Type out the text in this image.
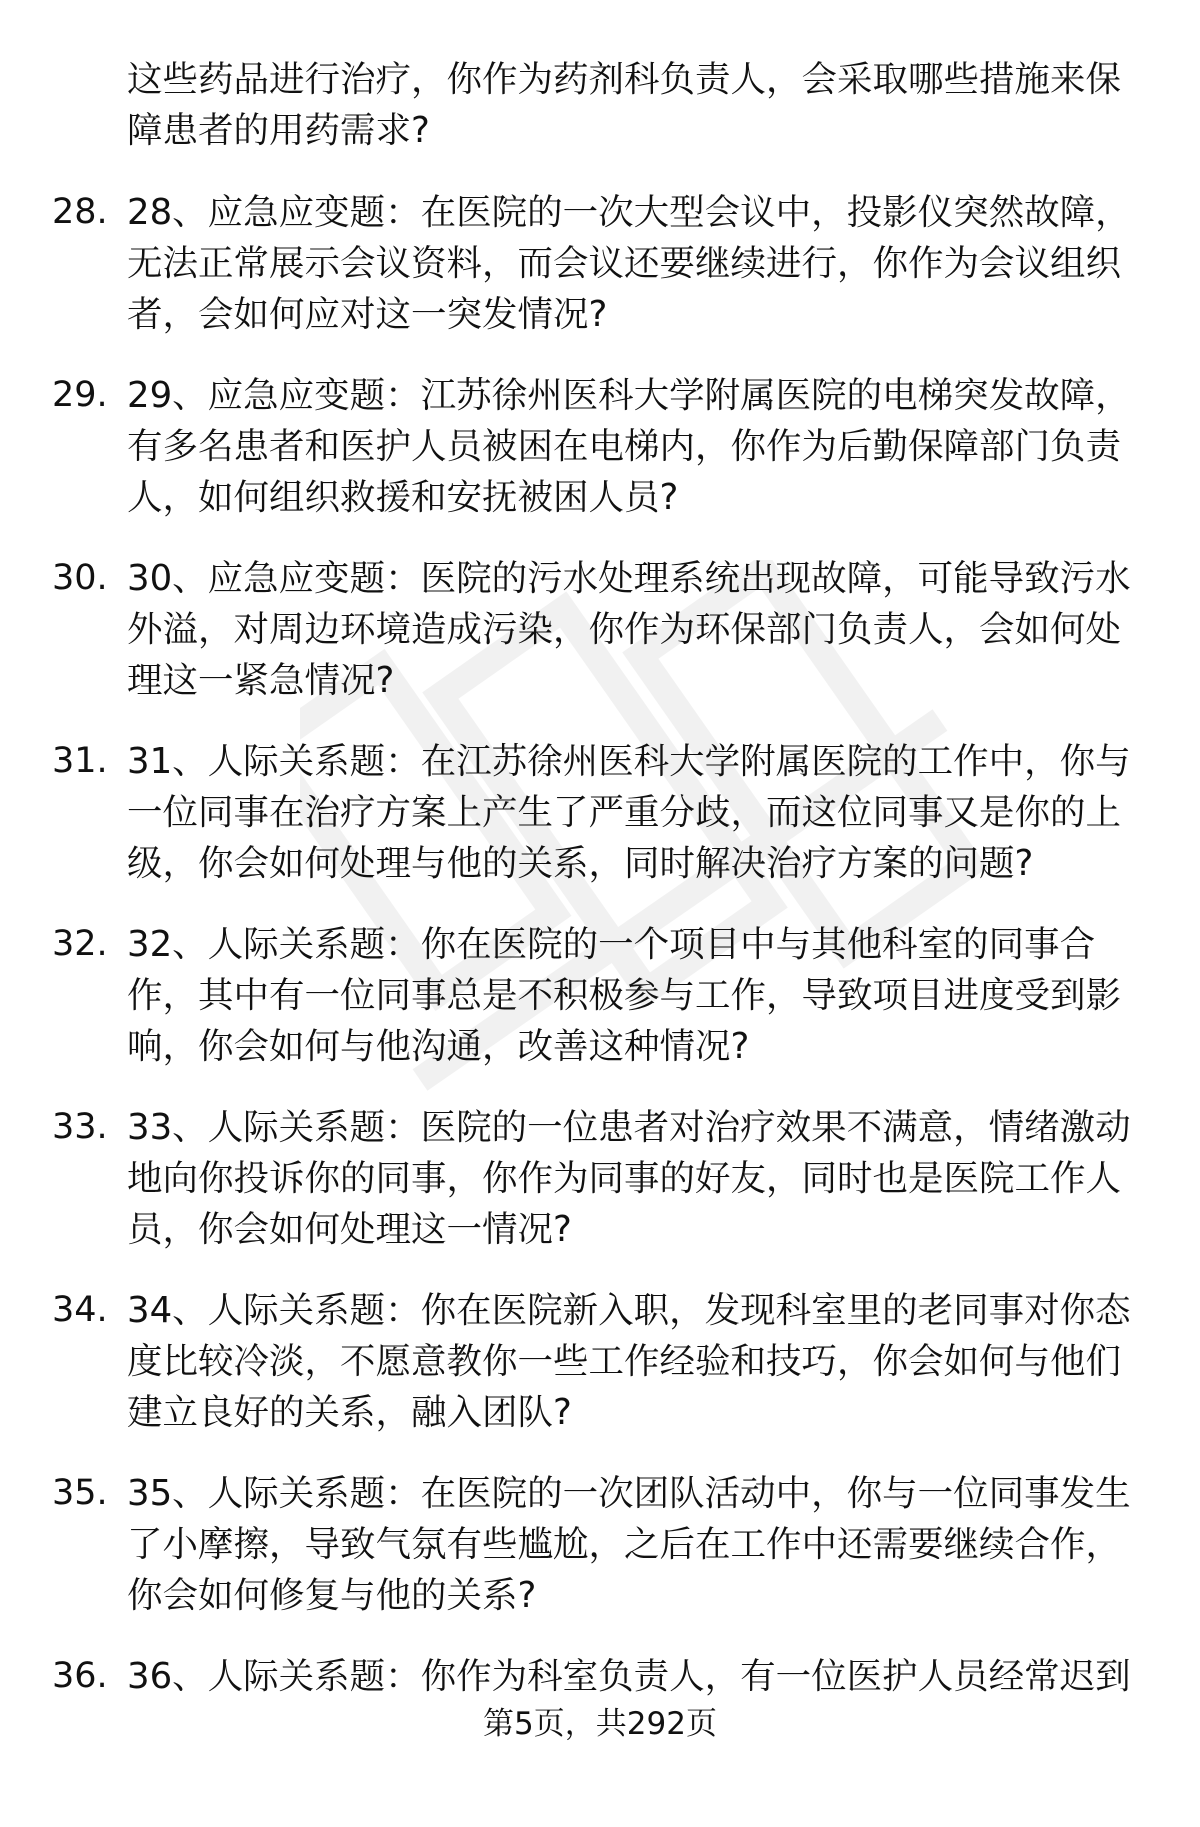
这些药品进行治疗，你作为药剂科负责人，会采取哪些措施来保障患者的用药需求?

28. 28、应急应变题：在医院的一次大型会议中，投影仪突然故障，无法正常展示会议资料，而会议还要继续进行，你作为会议组织者，会如何应对这一突发情况?

29. 29、应急应变题：江苏徐州医科大学附属医院的电梯突发故障，有多名患者和医护人员被困在电梯内，你作为后勤保障部门负责人，如何组织救援和安抚被困人员?

30. 30、应急应变题：医院的污水处理系统出现故障，可能导致污水外溢，对周边环境造成污染，你作为环保部门负责人，会如何处理这一紧急情况?

31. 31、人际关系题：在江苏徐州医科大学附属医院的工作中，你与一位同事在治疗方案上产生了严重分歧，而这位同事又是你的上级，你会如何处理与他的关系，同时解决治疗方案的问题?

32. 32、人际关系题：你在医院的一个项目中与其他科室的同事合作，其中有一位同事总是不积极参与工作，导致项目进度受到影响，你会如何与他沟通，改善这种情况?

33. 33、人际关系题：医院的一位患者对治疗效果不满意，情绪激动地向你投诉你的同事，你作为同事的好友，同时也是医院工作人员，你会如何处理这一情况?

34. 34、人际关系题：你在医院新入职，发现科室里的老同事对你态度比较冷淡，不愿意教你一些工作经验和技巧，你会如何与他们建立良好的关系，融入团队?

35. 35、人际关系题：在医院的一次团队活动中，你与一位同事发生了小摩擦，导致气氛有些尴尬，之后在工作中还需要继续合作，你会如何修复与他的关系?

36. 36、人际关系题：你作为科室负责人，有一位医护人员经常迟到

第5页，共292页
